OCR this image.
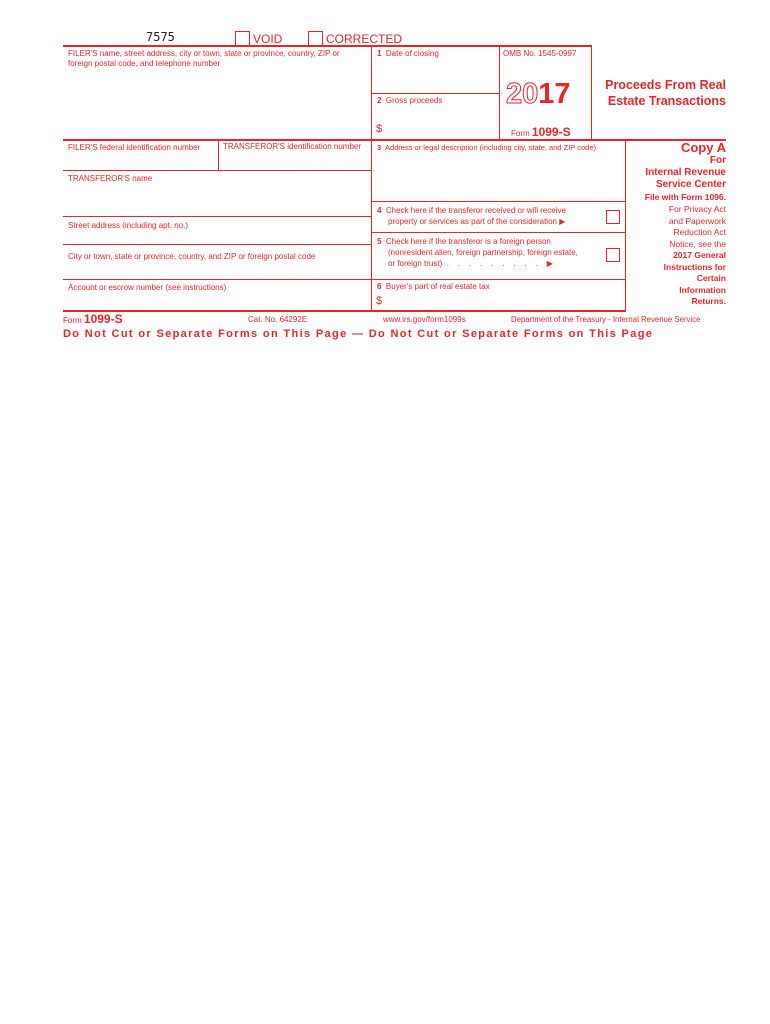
7575	VOID	CORRECTED
FILER'S name, street address, city or town, state or province, country, ZIP or foreign postal code, and telephone number
1 Date of closing	OMB No. 1545-0997
2017
2 Gross proceeds
$	Form 1099-S
Proceeds From Real
Estate Transactions
FILER'S federal identification number	TRANSFEROR'S identification number 3 Address or legal description (including city, state, and ZIP code)
TRANSFEROR'S name
Street address (including apt. no.)
City or town, state or province, country, and ZIP or foreign postal code
Account or escrow number (see instructions)
4 Check here if the transferor received or will receive
property or services as part of the consideration ▶
5 Check here if the transferor is a foreign person
(nonresident alien, foreign partnership, foreign estate,
or foreign trust)  .    .    .    .    .    .    .    .    .    ▶
6 Buyer's part of real estate tax
$
Copy A
For
Internal Revenue
Service Center
File with Form 1096.
For Privacy Act
and Paperwork
Reduction Act
Notice, see the
2017 General
Instructions for
Certain
Information
Returns.
Form 1099-S	Cat. No. 64292E	www.irs.gov/form1099s	Department of the Treasury - Internal Revenue Service
Do Not Cut or Separate Forms on This Page — Do Not Cut or Separate Forms on This Page
